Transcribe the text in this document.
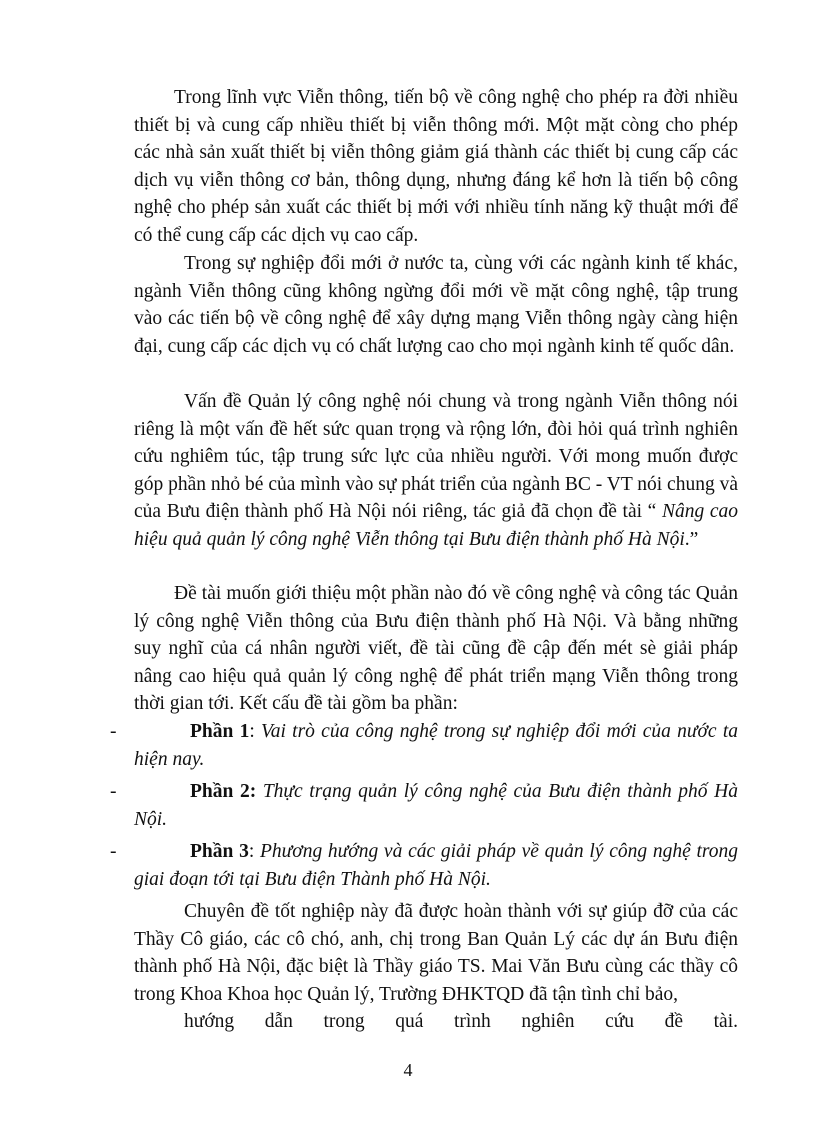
Trong lĩnh vực Viễn thông, tiến bộ về công nghệ cho phép ra đời nhiều thiết bị và cung cấp nhiều thiết bị viễn thông mới. Một mặt còng cho phép các nhà sản xuất thiết bị viễn thông giảm giá thành các thiết bị cung cấp các dịch vụ viễn thông cơ bản, thông dụng, nhưng đáng kể hơn là tiến bộ công nghệ cho phép sản xuất các thiết bị mới với nhiều tính năng kỹ thuật mới để có thể cung cấp các dịch vụ cao cấp.

Trong sự nghiệp đổi mới ở nước ta, cùng với các ngành kinh tế khác, ngành Viễn thông cũng không ngừng đổi mới về mặt công nghệ, tập trung vào các tiến bộ về công nghệ để xây dựng mạng Viễn thông ngày càng hiện đại, cung cấp các dịch vụ có chất lượng cao cho mọi ngành kinh tế quốc dân.

Vấn đề Quản lý công nghệ nói chung và trong ngành Viễn thông nói riêng là một vấn đề hết sức quan trọng và rộng lớn, đòi hỏi quá trình nghiên cứu nghiêm túc, tập trung sức lực của nhiều người. Với mong muốn được góp phần nhỏ bé của mình vào sự phát triển của ngành BC - VT nói chung và của Bưu điện thành phố Hà Nội nói riêng, tác giả đã chọn đề tài “ Nâng cao hiệu quả quản lý công nghệ Viễn thông tại Bưu điện thành phố Hà Nội.”

Đề tài muốn giới thiệu một phần nào đó về công nghệ và công tác Quản lý công nghệ Viễn thông của Bưu điện thành phố Hà Nội. Và bằng những suy nghĩ của cá nhân người viết, đề tài cũng đề cập đến mét sè giải pháp nâng cao hiệu quả quản lý công nghệ để phát triển mạng Viễn thông trong thời gian tới. Kết cấu đề tài gồm ba phần:

-	Phần 1: Vai trò của công nghệ trong sự nghiệp đổi mới của nước ta hiện nay.

-	Phần 2: Thực trạng quản lý công nghệ của Bưu điện thành phố Hà Nội.

-	Phần 3: Phương hướng và các giải pháp về quản lý công nghệ trong giai đoạn tới tại Bưu điện Thành phố Hà Nội.

Chuyên đề tốt nghiệp này đã được hoàn thành với sự giúp đỡ của các Thầy Cô giáo, các cô chó, anh, chị trong Ban Quản Lý các dự án Bưu điện thành phố Hà Nội, đặc biệt là Thầy giáo TS. Mai Văn Bưu cùng các thầy cô trong Khoa Khoa học Quản lý, Trường ĐHKTQD đã tận tình chỉ bảo,
hướng dẫn trong quá trình nghiên cứu đề tài.

4
